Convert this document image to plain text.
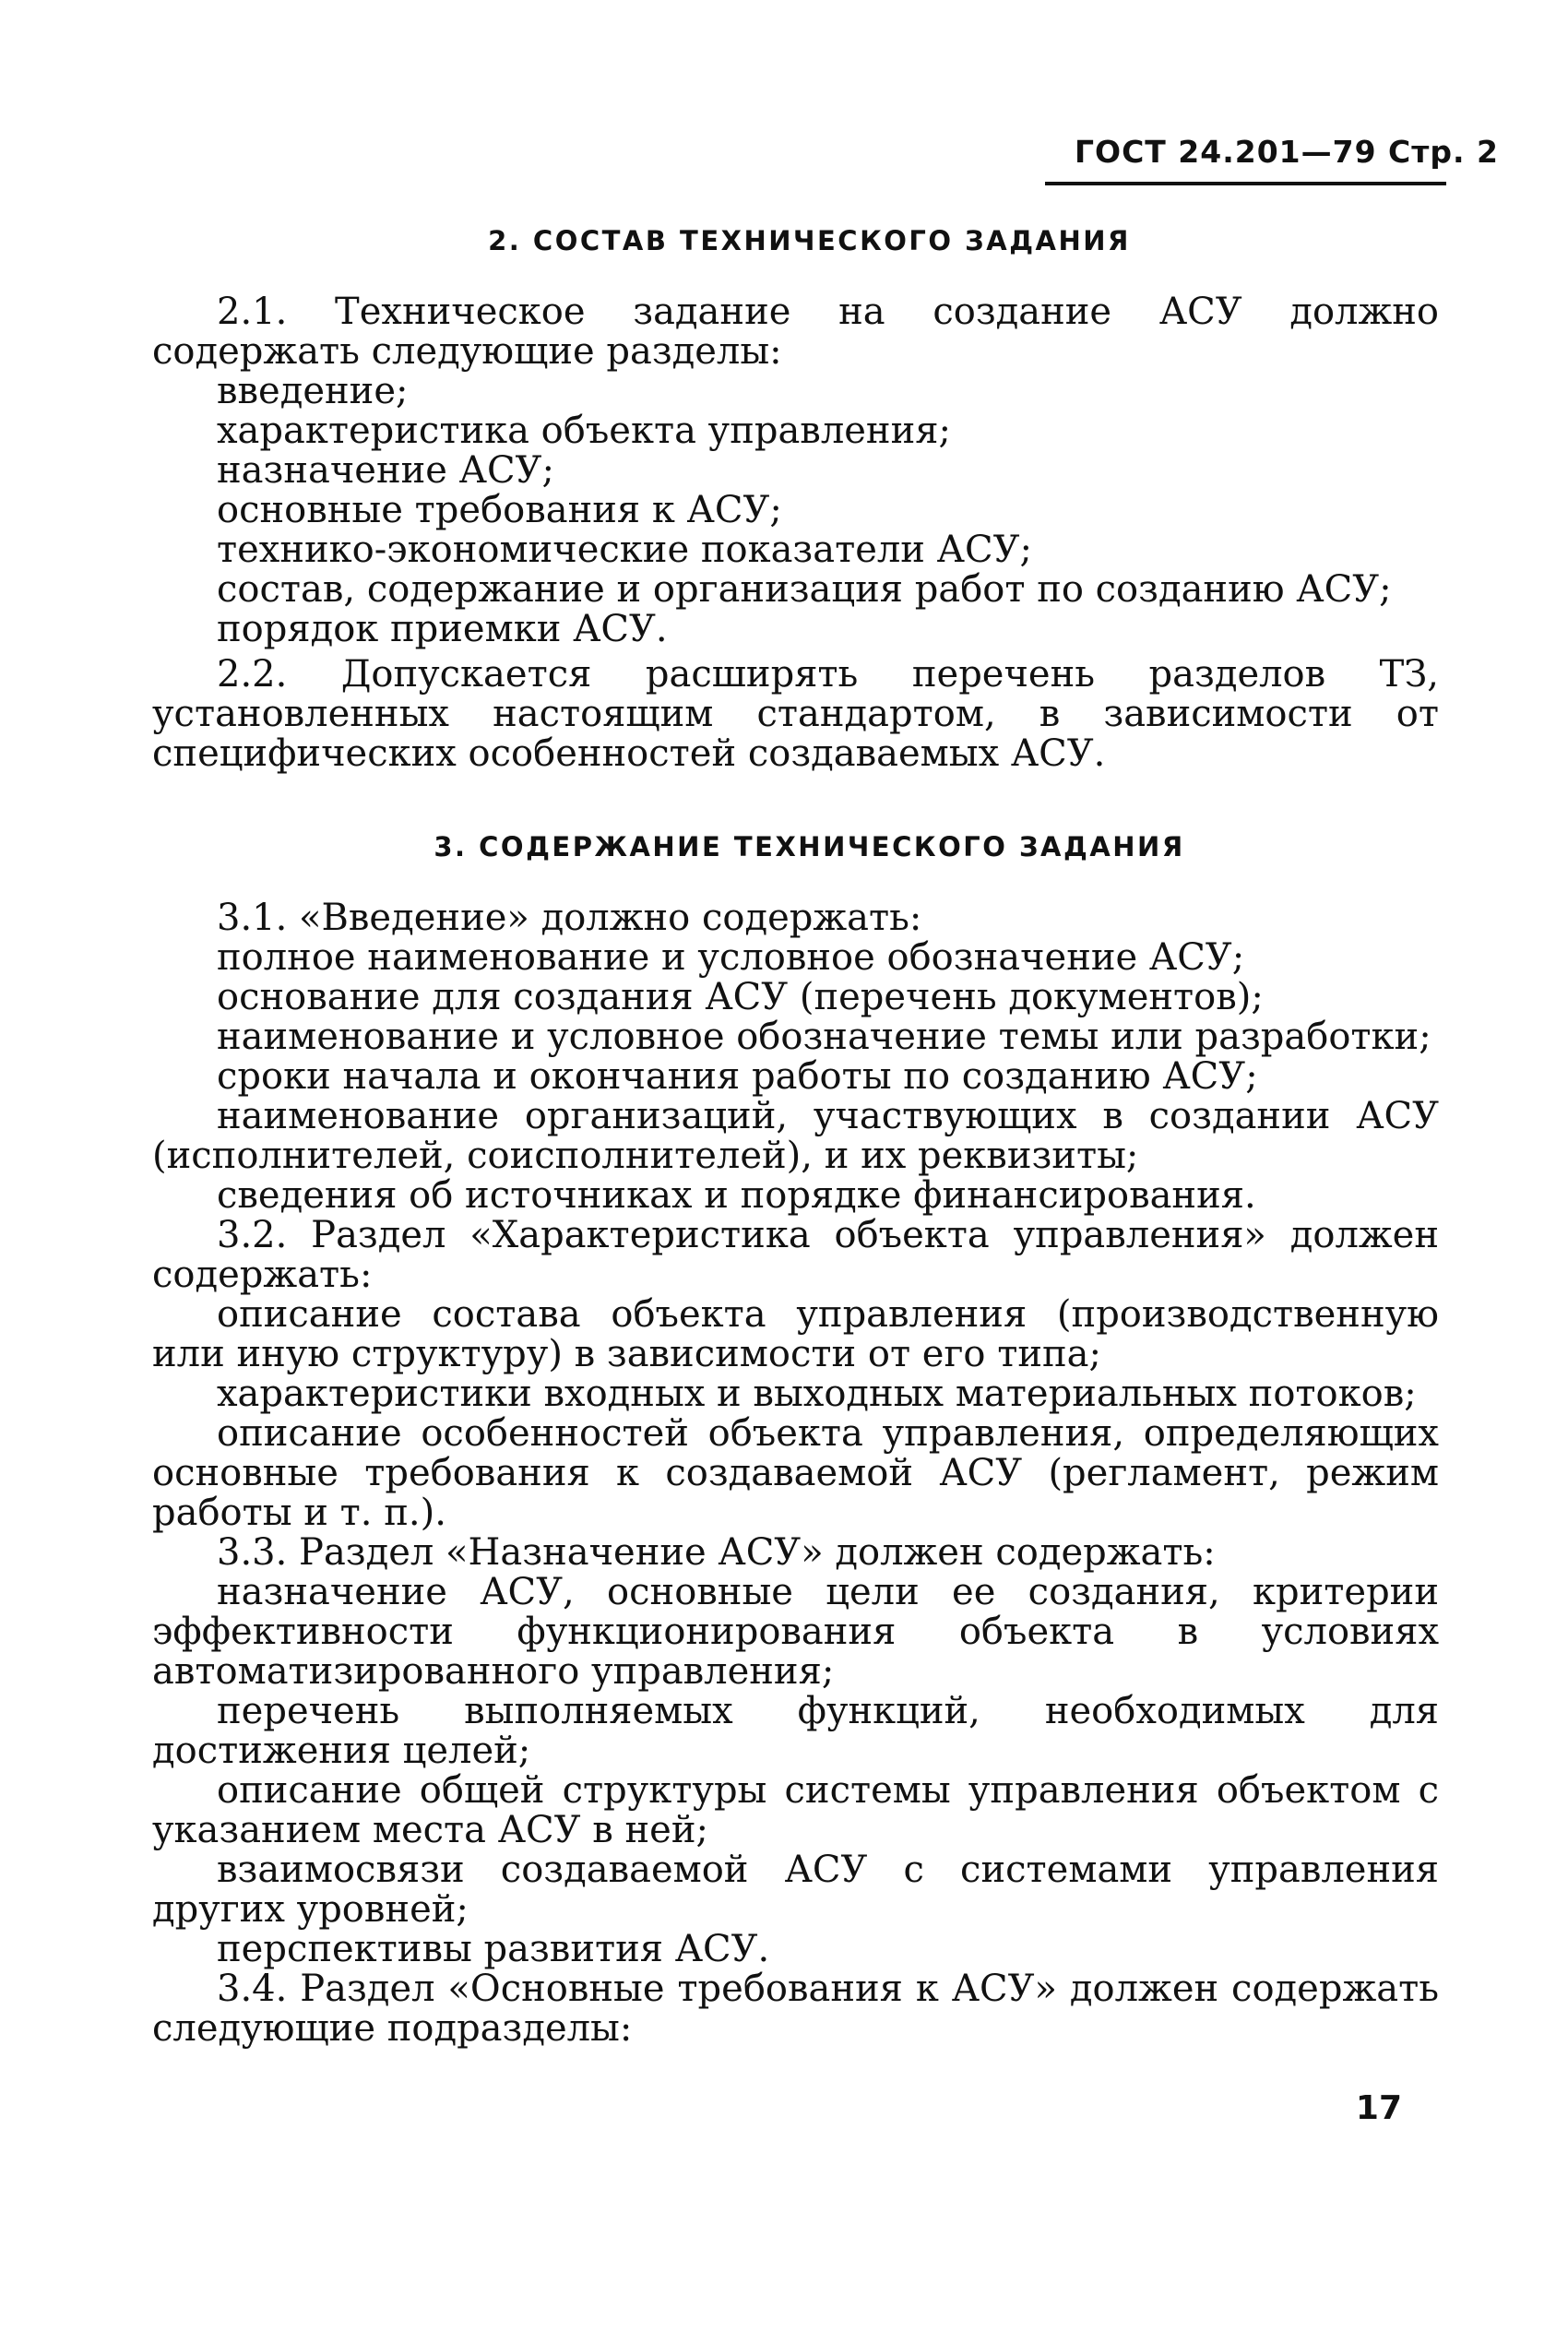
ГОСТ 24.201—79 Стр. 2
2. СОСТАВ ТЕХНИЧЕСКОГО ЗАДАНИЯ
2.1. Техническое задание на создание АСУ должно содержать следующие разделы:
введение;
характеристика объекта управления;
назначение АСУ;
основные требования к АСУ;
технико-экономические показатели АСУ;
состав, содержание и организация работ по созданию АСУ;
порядок приемки АСУ.
2.2. Допускается расширять перечень разделов ТЗ, установленных настоящим стандартом, в зависимости от специфических особенностей создаваемых АСУ.
3. СОДЕРЖАНИЕ ТЕХНИЧЕСКОГО ЗАДАНИЯ
3.1. «Введение» должно содержать:
полное наименование и условное обозначение АСУ;
основание для создания АСУ (перечень документов);
наименование и условное обозначение темы или разработки;
сроки начала и окончания работы по созданию АСУ;
наименование организаций, участвующих в создании АСУ (исполнителей, соисполнителей), и их реквизиты;
сведения об источниках и порядке финансирования.
3.2. Раздел «Характеристика объекта управления» должен содержать:
описание состава объекта управления (производственную или иную структуру) в зависимости от его типа;
характеристики входных и выходных материальных потоков;
описание особенностей объекта управления, определяющих основные требования к создаваемой АСУ (регламент, режим работы и т. п.).
3.3. Раздел «Назначение АСУ» должен содержать:
назначение АСУ, основные цели ее создания, критерии эффективности функционирования объекта в условиях автоматизированного управления;
перечень выполняемых функций, необходимых для достижения целей;
описание общей структуры системы управления объектом с указанием места АСУ в ней;
взаимосвязи создаваемой АСУ с системами управления других уровней;
перспективы развития АСУ.
3.4. Раздел «Основные требования к АСУ» должен содержать следующие подразделы:
17
